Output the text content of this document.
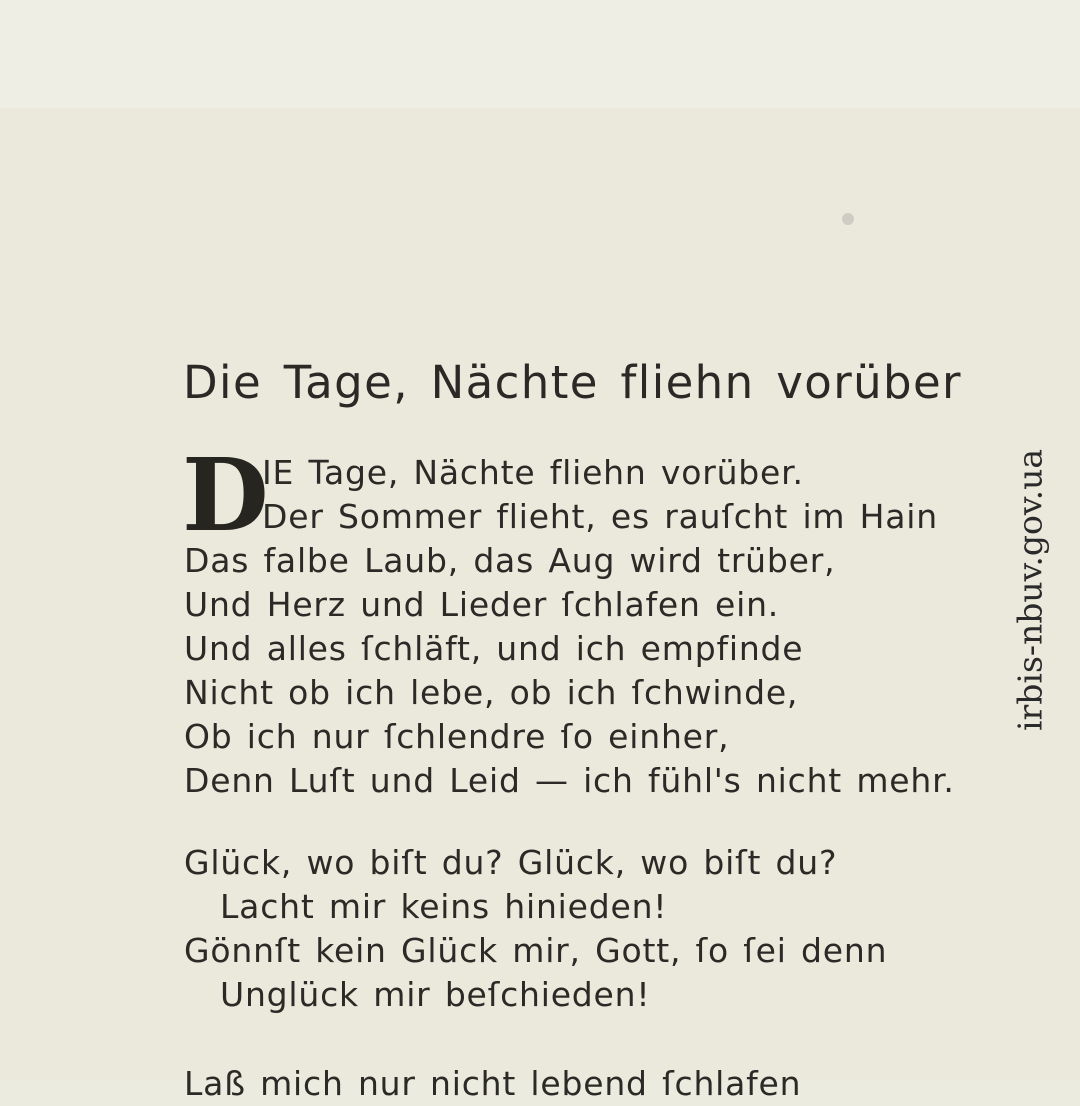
Die Tage, Nächte fliehn vorüber
D
IE Tage, Nächte fliehn vorüber.
Der Sommer flieht, es rauſcht im Hain
Das falbe Laub, das Aug wird trüber,
Und Herz und Lieder ſchlafen ein.
Und alles ſchläft, und ich empfinde
Nicht ob ich lebe, ob ich ſchwinde,
Ob ich nur ſchlendre ſo einher,
Denn Luſt und Leid — ich fühl's nicht mehr.
Glück, wo biſt du? Glück, wo biſt du?
Lacht mir keins hinieden!
Gönnſt kein Glück mir, Gott, ſo ſei denn
Unglück mir beſchieden!
Laß mich nur nicht lebend ſchlafen
irbis-nbuv.gov.ua
